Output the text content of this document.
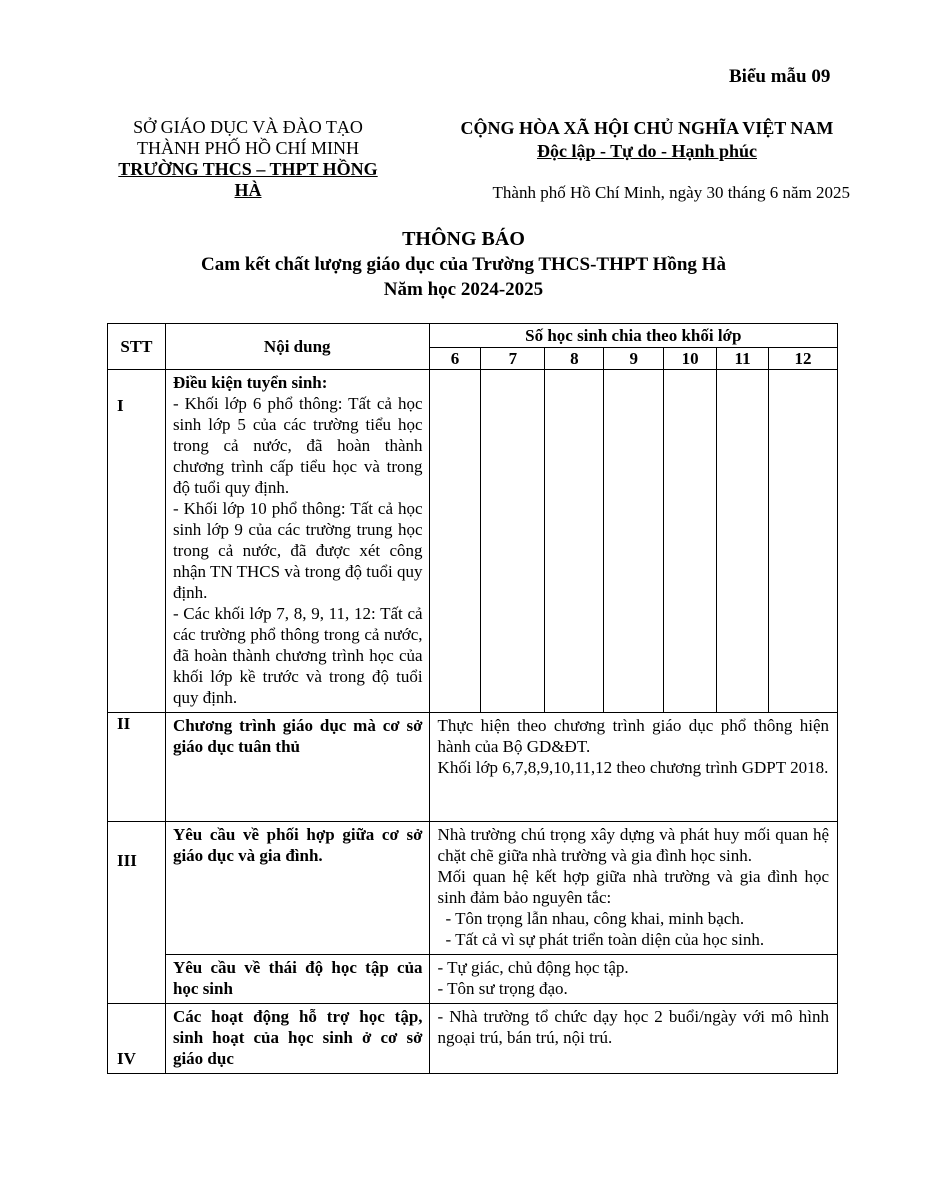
Biểu mẫu 09
SỞ GIÁO DỤC VÀ ĐÀO TẠO
THÀNH PHỐ HỒ CHÍ MINH
TRƯỜNG THCS – THPT HỒNG HÀ
CỘNG HÒA XÃ HỘI CHỦ NGHĨA VIỆT NAM
Độc lập - Tự do - Hạnh phúc
Thành phố Hồ Chí Minh, ngày 30 tháng 6 năm 2025
THÔNG BÁO
Cam kết chất lượng giáo dục của Trường THCS-THPT Hồng Hà
Năm học 2024-2025
STT	Nội dung	Số học sinh chia theo khối lớp						
		6	7	8	9	10	11	12
I	Điều kiện tuyển sinh:
- Khối lớp 6 phổ thông: Tất cả học sinh lớp 5 của các trường tiểu học trong cả nước, đã hoàn thành chương trình cấp tiểu học và trong độ tuổi quy định.
- Khối lớp 10 phổ thông: Tất cả học sinh lớp 9 của các trường trung học trong cả nước, đã được xét công nhận TN THCS và trong độ tuổi quy định.
- Các khối lớp 7, 8, 9, 11, 12: Tất cả các trường phổ thông trong cả nước, đã hoàn thành chương trình học của khối lớp kề trước và trong độ tuổi quy định.							

II	Chương trình giáo dục mà cơ sở giáo dục tuân thủ	Thực hiện theo chương trình giáo dục phổ thông hiện hành của Bộ GD&ĐT.
Khối lớp 6,7,8,9,10,11,12 theo chương trình GDPT 2018.						

III	Yêu cầu về phối hợp giữa cơ sở giáo dục và gia đình.	Nhà trường chú trọng xây dựng và phát huy mối quan hệ chặt chẽ giữa nhà trường và gia đình học sinh.
Mối quan hệ kết hợp giữa nhà trường và gia đình học sinh đảm bảo nguyên tắc:
- Tôn trọng lẫn nhau, công khai, minh bạch.
- Tất cả vì sự phát triển toàn diện của học sinh.						

	Yêu cầu về thái độ học tập của học sinh	- Tự giác, chủ động học tập.
- Tôn sư trọng đạo.						

IV	Các hoạt động hỗ trợ học tập, sinh hoạt của học sinh ở cơ sở giáo dục	- Nhà trường tổ chức dạy học 2 buổi/ngày với mô hình ngoại trú, bán trú, nội trú.						
